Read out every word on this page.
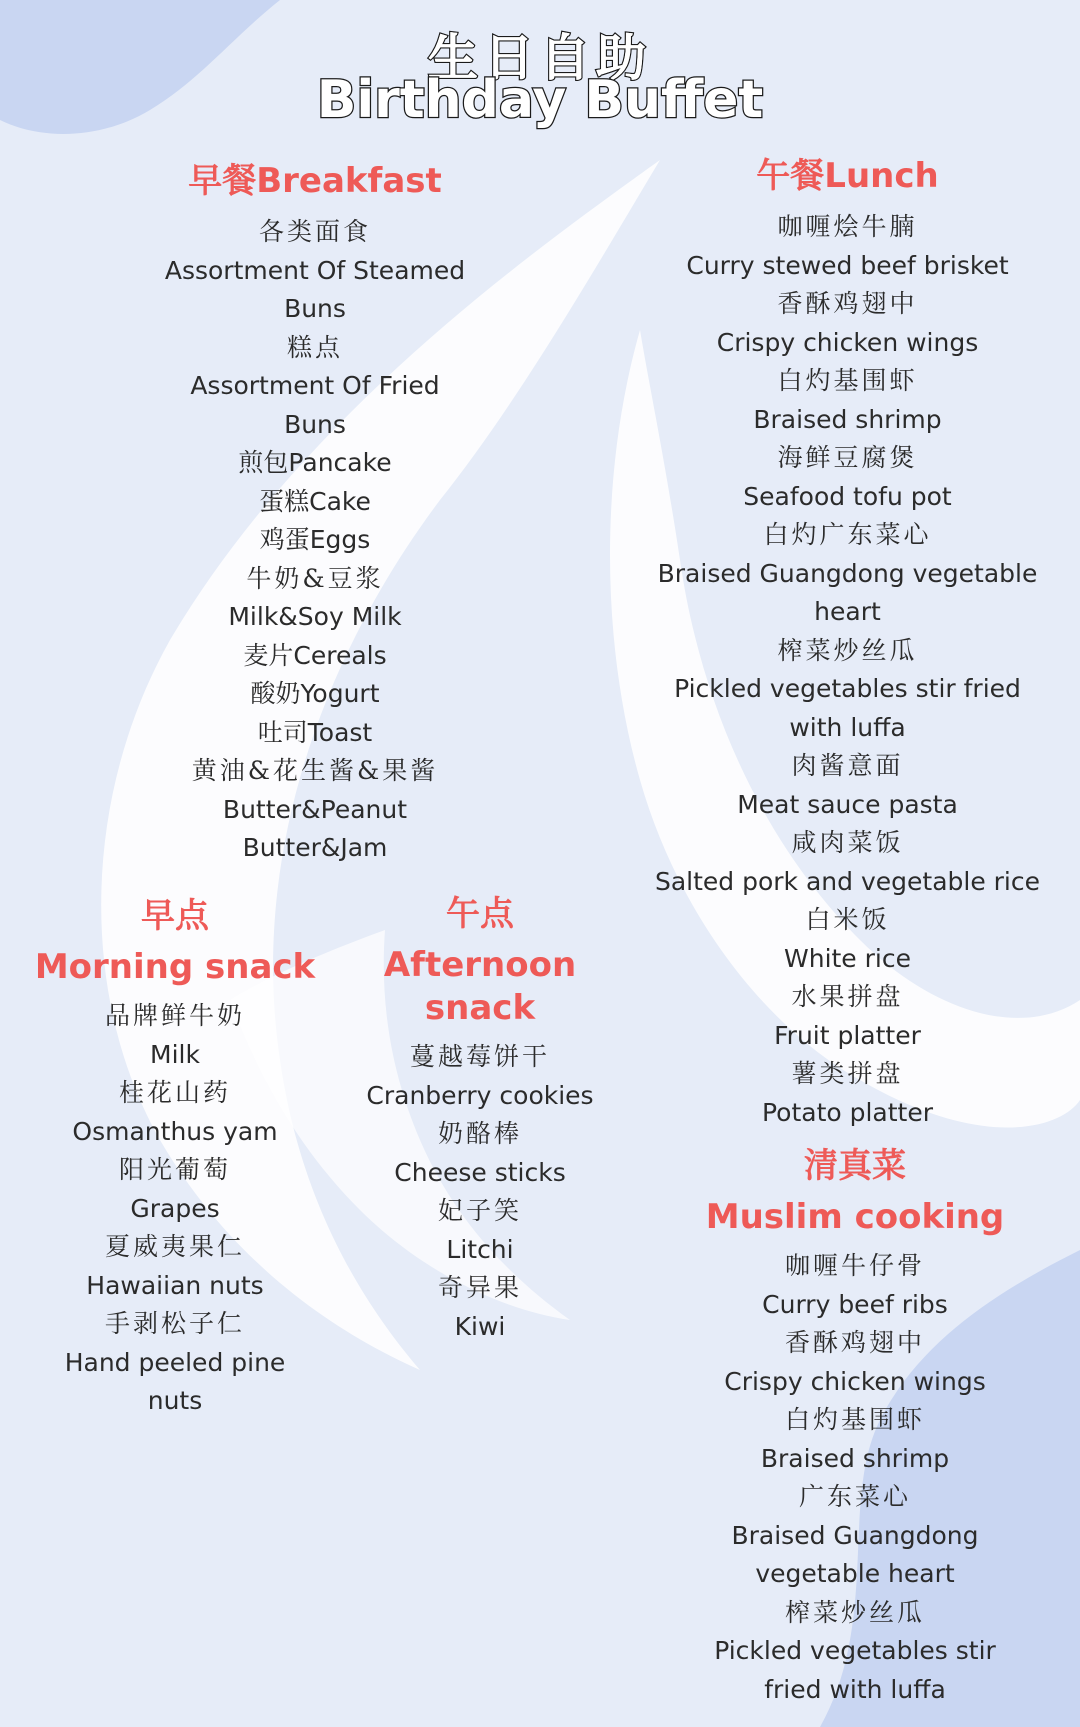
生日自助
Birthday Buffet
早餐Breakfast
各类面食
Assortment Of Steamed
Buns
糕点
Assortment Of Fried
Buns
煎包Pancake
蛋糕Cake
鸡蛋Eggs
牛奶&豆浆
Milk&Soy Milk
麦片Cereals
酸奶Yogurt
吐司Toast
黄油&花生酱&果酱
Butter&Peanut
Butter&Jam
午餐Lunch
咖喱烩牛腩
Curry stewed beef brisket
香酥鸡翅中
Crispy chicken wings
白灼基围虾
Braised shrimp
海鲜豆腐煲
Seafood tofu pot
白灼广东菜心
Braised Guangdong vegetable
heart
榨菜炒丝瓜
Pickled vegetables stir fried
with luffa
肉酱意面
Meat sauce pasta
咸肉菜饭
Salted pork and vegetable rice
白米饭
White rice
水果拼盘
Fruit platter
薯类拼盘
Potato platter
早点
Morning snack
品牌鲜牛奶
Milk
桂花山药
Osmanthus yam
阳光葡萄
Grapes
夏威夷果仁
Hawaiian nuts
手剥松子仁
Hand peeled pine
nuts
午点
Afternoon snack
蔓越莓饼干
Cranberry cookies
奶酪棒
Cheese sticks
妃子笑
Litchi
奇异果
Kiwi
清真菜
Muslim cooking
咖喱牛仔骨
Curry beef ribs
香酥鸡翅中
Crispy chicken wings
白灼基围虾
Braised shrimp
广东菜心
Braised Guangdong
vegetable heart
榨菜炒丝瓜
Pickled vegetables stir
fried with luffa
